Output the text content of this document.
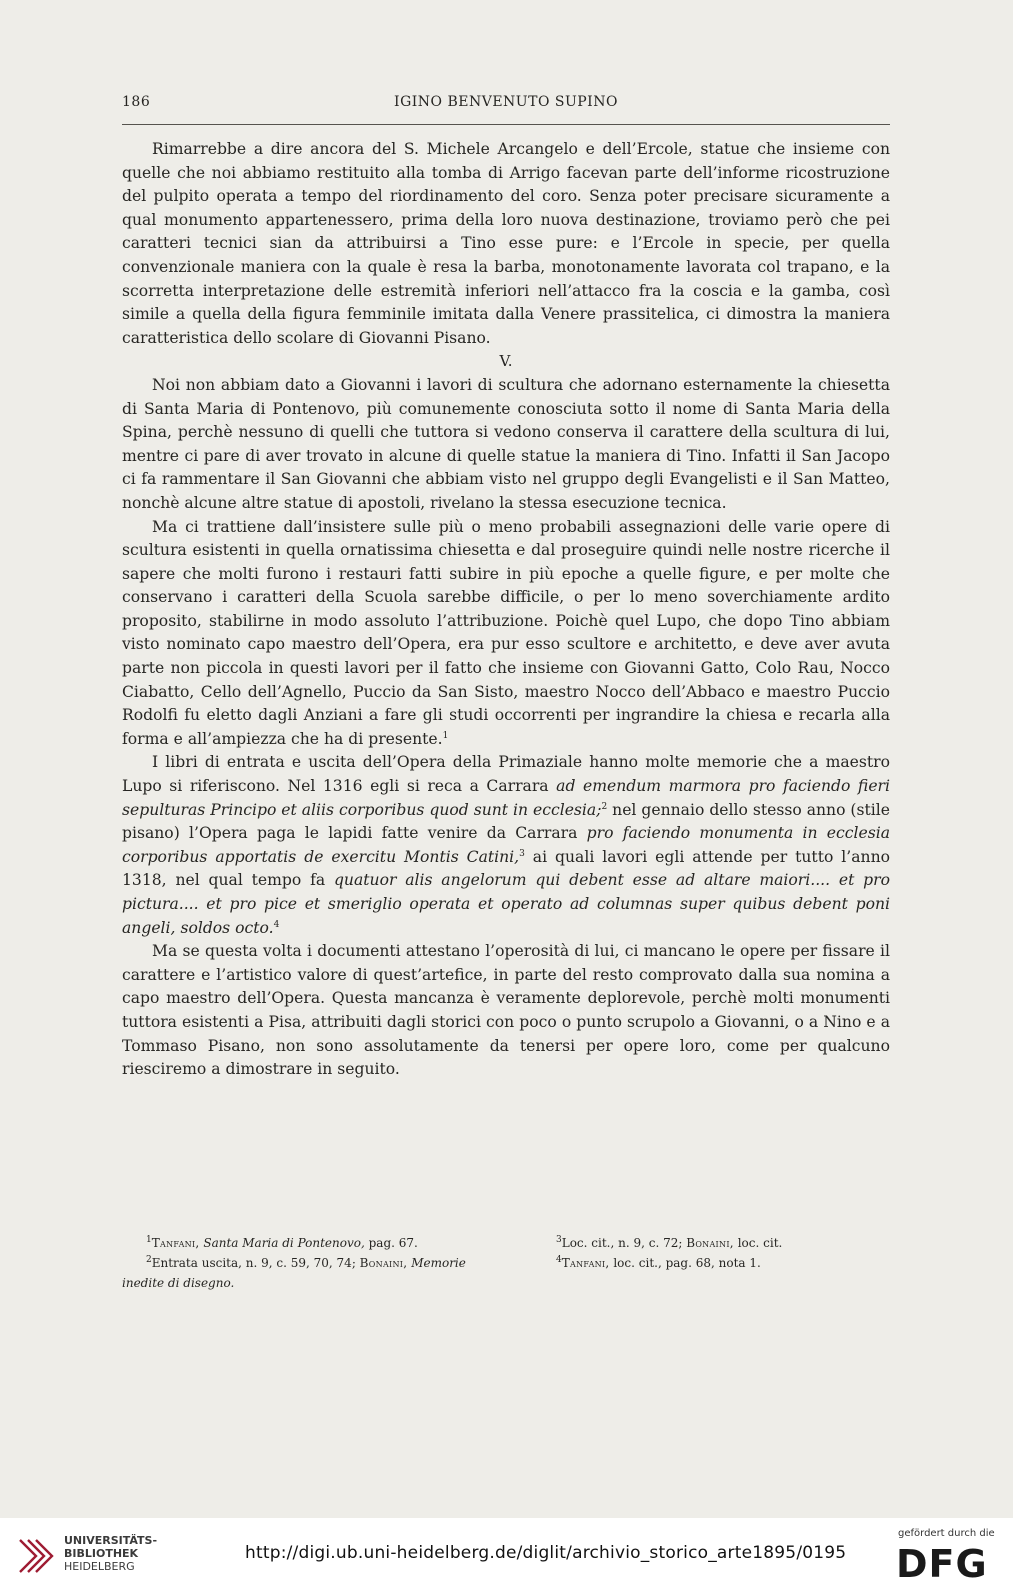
186	IGINO BENVENUTO SUPINO

Rimarrebbe a dire ancora del S. Michele Arcangelo e dell’Ercole, statue che insieme con quelle che noi abbiamo restituito alla tomba di Arrigo facevan parte dell’informe ricostruzione del pulpito operata a tempo del riordinamento del coro. Senza poter precisare sicuramente a qual monumento appartenessero, prima della loro nuova destinazione, troviamo però che pei caratteri tecnici sian da attribuirsi a Tino esse pure: e l’Ercole in specie, per quella convenzionale maniera con la quale è resa la barba, monotonamente lavorata col trapano, e la scorretta interpretazione delle estremità inferiori nell’attacco fra la coscia e la gamba, così simile a quella della figura femminile imitata dalla Venere prassitelica, ci dimostra la maniera caratteristica dello scolare di Giovanni Pisano.

V.

Noi non abbiam dato a Giovanni i lavori di scultura che adornano esternamente la chiesetta di Santa Maria di Pontenovo, più comunemente conosciuta sotto il nome di Santa Maria della Spina, perchè nessuno di quelli che tuttora si vedono conserva il carattere della scultura di lui, mentre ci pare di aver trovato in alcune di quelle statue la maniera di Tino. Infatti il San Jacopo ci fa rammentare il San Giovanni che abbiam visto nel gruppo degli Evangelisti e il San Matteo, nonchè alcune altre statue di apostoli, rivelano la stessa esecuzione tecnica.

Ma ci trattiene dall’insistere sulle più o meno probabili assegnazioni delle varie opere di scultura esistenti in quella ornatissima chiesetta e dal proseguire quindi nelle nostre ricerche il sapere che molti furono i restauri fatti subire in più epoche a quelle figure, e per molte che conservano i caratteri della Scuola sarebbe difficile, o per lo meno soverchiamente ardito proposito, stabilirne in modo assoluto l’attribuzione. Poichè quel Lupo, che dopo Tino abbiam visto nominato capo maestro dell’Opera, era pur esso scultore e architetto, e deve aver avuta parte non piccola in questi lavori per il fatto che insieme con Giovanni Gatto, Colo Rau, Nocco Ciabatto, Cello dell’Agnello, Puccio da San Sisto, maestro Nocco dell’Abbaco e maestro Puccio Rodolfi fu eletto dagli Anziani a fare gli studi occorrenti per ingrandire la chiesa e recarla alla forma e all’ampiezza che ha di presente.$^1$

I libri di entrata e uscita dell’Opera della Primaziale hanno molte memorie che a maestro Lupo si riferiscono. Nel 1316 egli si reca a Carrara ad emendum marmora pro faciendo fieri sepulturas Principo et aliis corporibus quod sunt in ecclesia;$^2$ nel gennaio dello stesso anno (stile pisano) l’Opera paga le lapidi fatte venire da Carrara pro faciendo monumenta in ecclesia corporibus apportatis de exercitu Montis Catini,$^3$ ai quali lavori egli attende per tutto l’anno 1318, nel qual tempo fa quatuor alis angelorum qui debent esse ad altare maiori.... et pro pictura.... et pro pice et smeriglio operata et operato ad columnas super quibus debent poni angeli, soldos octo.$^4$

Ma se questa volta i documenti attestano l’operosità di lui, ci mancano le opere per fissare il carattere e l’artistico valore di quest’artefice, in parte del resto comprovato dalla sua nomina a capo maestro dell’Opera. Questa mancanza è veramente deplorevole, perchè molti monumenti tuttora esistenti a Pisa, attribuiti dagli storici con poco o punto scrupolo a Giovanni, o a Nino e a Tommaso Pisano, non sono assolutamente da tenersi per opere loro, come per qualcuno riesciremo a dimostrare in seguito.

$^1$Tanfani, Santa Maria di Pontenovo, pag. 67.

$^2$Entrata uscita, n. 9, c. 59, 70, 74; Bonaini, Memorie

inedite di disegno.

$^3$Loc. cit., n. 9, c. 72; Bonaini, loc. cit.

$^4$Tanfani, loc. cit., pag. 68, nota 1.

UNIVERSITÄTS-
BIBLIOTHEK
HEIDELBERG
http://digi.ub.uni-heidelberg.de/diglit/archivio_storico_arte1895/0195
gefördert durch die
DFG
